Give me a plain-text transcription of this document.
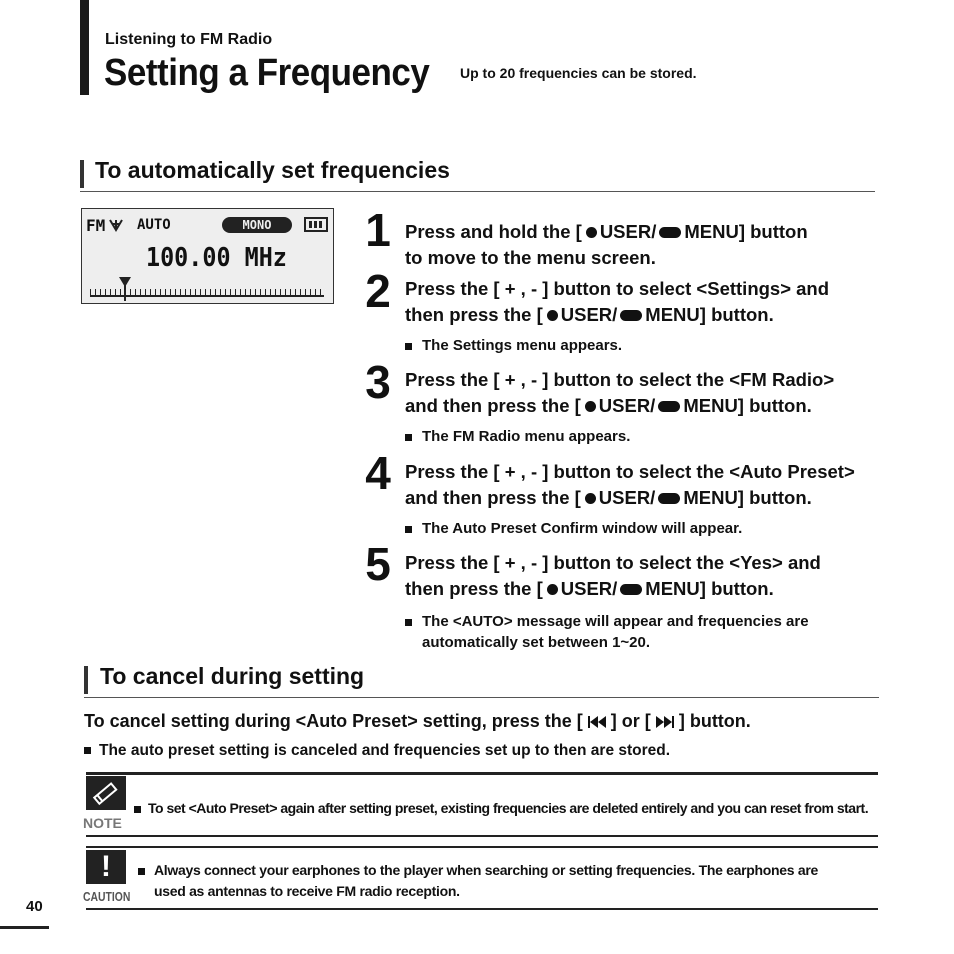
Listening to FM Radio
Setting a Frequency Up to 20 frequencies can be stored.
To automatically set frequencies
FM AUTO	MONO
100.00 MHz
1 Press and hold the [ USER/ MENU] button
to move to the menu screen.
2 Press the [ + , - ] button to select <Settings> and
then press the [ USER/ MENU] button.
The Settings menu appears.
3 Press the [ + , - ] button to select the <FM Radio>
and then press the [ USER/ MENU] button.
The FM Radio menu appears.
4 Press the [ + , - ] button to select the <Auto Preset>
and then press the [ USER/ MENU] button.
The Auto Preset Confirm window will appear.
5 Press the [ + , - ] button to select the <Yes> and
then press the [ USER/ MENU] button.
The <AUTO> message will appear and frequencies are
automatically set between 1~20.
To cancel during setting
To cancel setting during <Auto Preset> setting, press the [ ] or [ ] button.
The auto preset setting is canceled and frequencies set up to then are stored.
NOTE
To set <Auto Preset> again after setting preset, existing frequencies are deleted entirely and you can reset from start.
!
CAUTION
Always connect your earphones to the player when searching or setting frequencies. The earphones are
used as antennas to receive FM radio reception.
40
